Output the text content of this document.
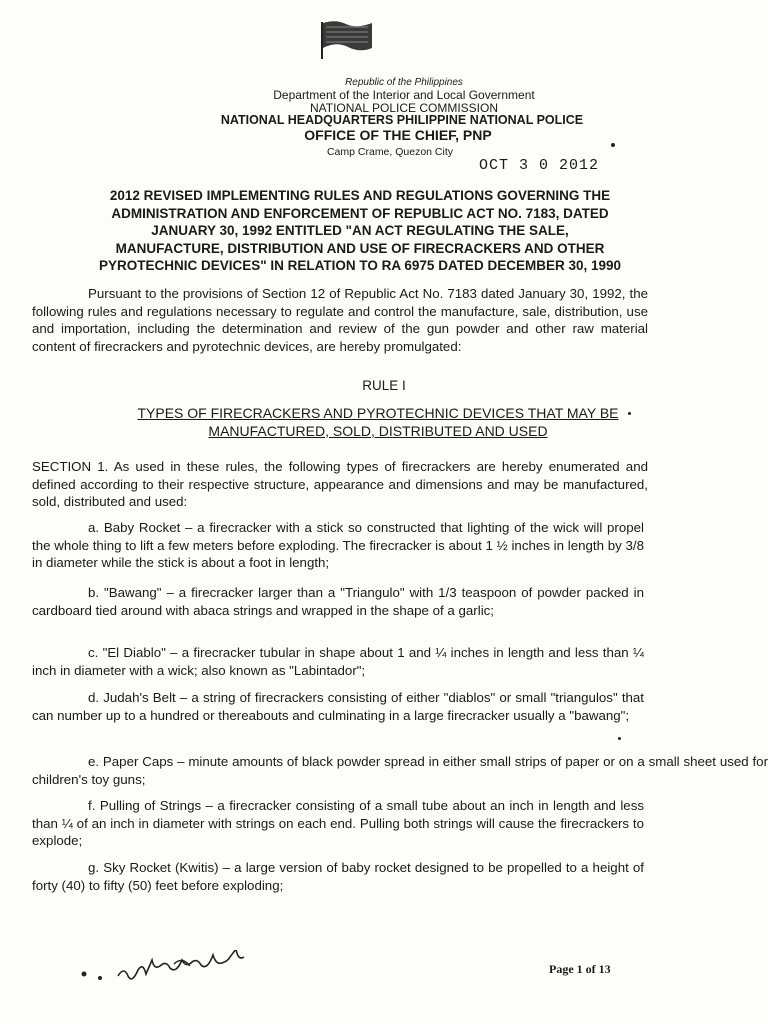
Republic of the Philippines
Department of the Interior and Local Government
NATIONAL POLICE COMMISSION
NATIONAL HEADQUARTERS PHILIPPINE NATIONAL POLICE
OFFICE OF THE CHIEF, PNP
Camp Crame, Quezon City
OCT 3 0 2012
2012 REVISED IMPLEMENTING RULES AND REGULATIONS GOVERNING THE
ADMINISTRATION AND ENFORCEMENT OF REPUBLIC ACT NO. 7183, DATED
JANUARY 30, 1992 ENTITLED "AN ACT REGULATING THE SALE,
MANUFACTURE, DISTRIBUTION AND USE OF FIRECRACKERS AND OTHER
PYROTECHNIC DEVICES" IN RELATION TO RA 6975 DATED DECEMBER 30, 1990
Pursuant to the provisions of Section 12 of Republic Act No. 7183 dated January 30, 1992, the following rules and regulations necessary to regulate and control the manufacture, sale, distribution, use and importation, including the determination and review of the gun powder and other raw material content of firecrackers and pyrotechnic devices, are hereby promulgated:
RULE I
TYPES OF FIRECRACKERS AND PYROTECHNIC DEVICES THAT MAY BE
MANUFACTURED, SOLD, DISTRIBUTED AND USED
SECTION 1. As used in these rules, the following types of firecrackers are hereby enumerated and defined according to their respective structure, appearance and dimensions and may be manufactured, sold, distributed and used:
a. Baby Rocket – a firecracker with a stick so constructed that lighting of the wick will propel the whole thing to lift a few meters before exploding. The firecracker is about 1 ½ inches in length by 3/8 in diameter while the stick is about a foot in length;
b. "Bawang" – a firecracker larger than a "Triangulo" with 1/3 teaspoon of powder packed in cardboard tied around with abaca strings and wrapped in the shape of a garlic;
c. "El Diablo" – a firecracker tubular in shape about 1 and ¼ inches in length and less than ¼ inch in diameter with a wick; also known as "Labintador";
d. Judah's Belt – a string of firecrackers consisting of either "diablos" or small "triangulos" that can number up to a hundred or thereabouts and culminating in a large firecracker usually a "bawang";
e. Paper Caps – minute amounts of black powder spread in either small strips of paper or on a small sheet used for children's toy guns;
f. Pulling of Strings – a firecracker consisting of a small tube about an inch in length and less than ¼ of an inch in diameter with strings on each end. Pulling both strings will cause the firecrackers to explode;
g. Sky Rocket (Kwitis) – a large version of baby rocket designed to be propelled to a height of forty (40) to fifty (50) feet before exploding;
Page 1 of 13
